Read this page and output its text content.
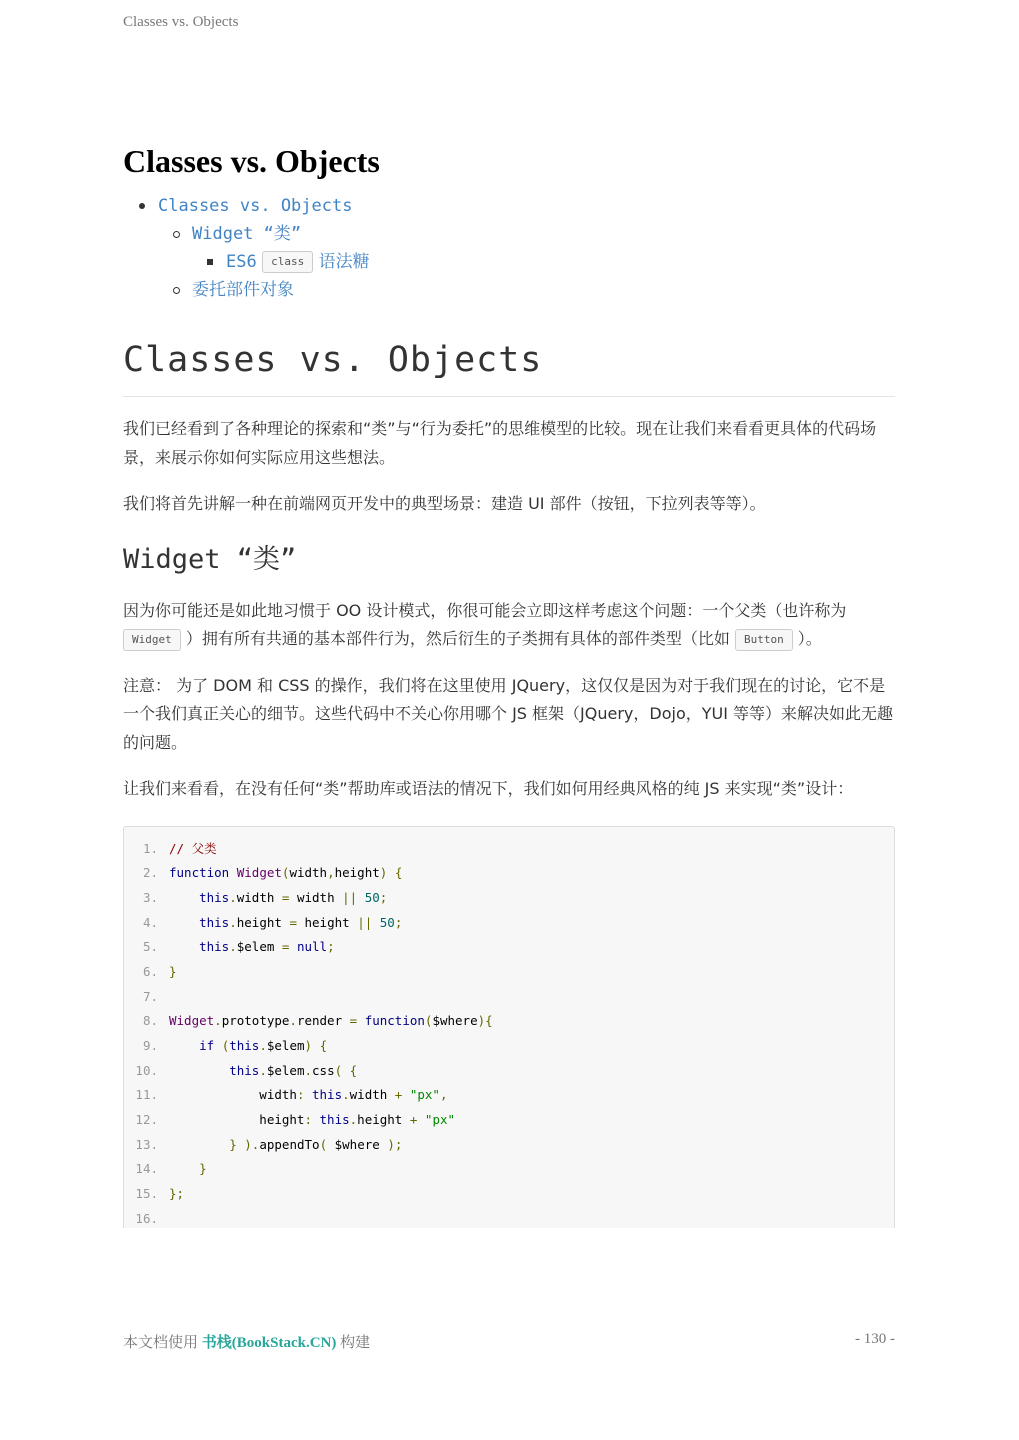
Classes vs. Objects
Classes vs. Objects
Classes vs. Objects
Widget “类”
ES6 class 语法糖
委托部件对象
Classes vs. Objects

我们已经看到了各种理论的探索和“类”与“行为委托”的思维模型的比较。现在让我们来看看更具体的代码场景，来展示你如何实际应用这些想法。

我们将首先讲解一种在前端网页开发中的典型场景：建造 UI 部件（按钮，下拉列表等等）。

Widget “类”

因为你可能还是如此地习惯于 OO 设计模式，你很可能会立即这样考虑这个问题：一个父类（也许称为 Widget ）拥有所有共通的基本部件行为，然后衍生的子类拥有具体的部件类型（比如 Button ）。

注意： 为了 DOM 和 CSS 的操作，我们将在这里使用 JQuery，这仅仅是因为对于我们现在的讨论，它不是一个我们真正关心的细节。这些代码中不关心你用哪个 JS 框架（JQuery，Dojo，YUI 等等）来解决如此无趣的问题。

让我们来看看，在没有任何“类”帮助库或语法的情况下，我们如何用经典风格的纯 JS 来实现“类”设计：

1. // 父类
2. function Widget(width,height) {
3.	this.width = width || 50;
4.	this.height = height || 50;
5.	this.$elem = null;
6. }
7.
8. Widget.prototype.render = function($where){
9.	if (this.$elem) {
10.	this.$elem.css( {
11.            width: this.width + "px",
12.            height: this.height + "px"
13.	} ).appendTo( $where );
14.	}
15. };
16.
本文档使用 书栈(BookStack.CN) 构建	- 130 -
